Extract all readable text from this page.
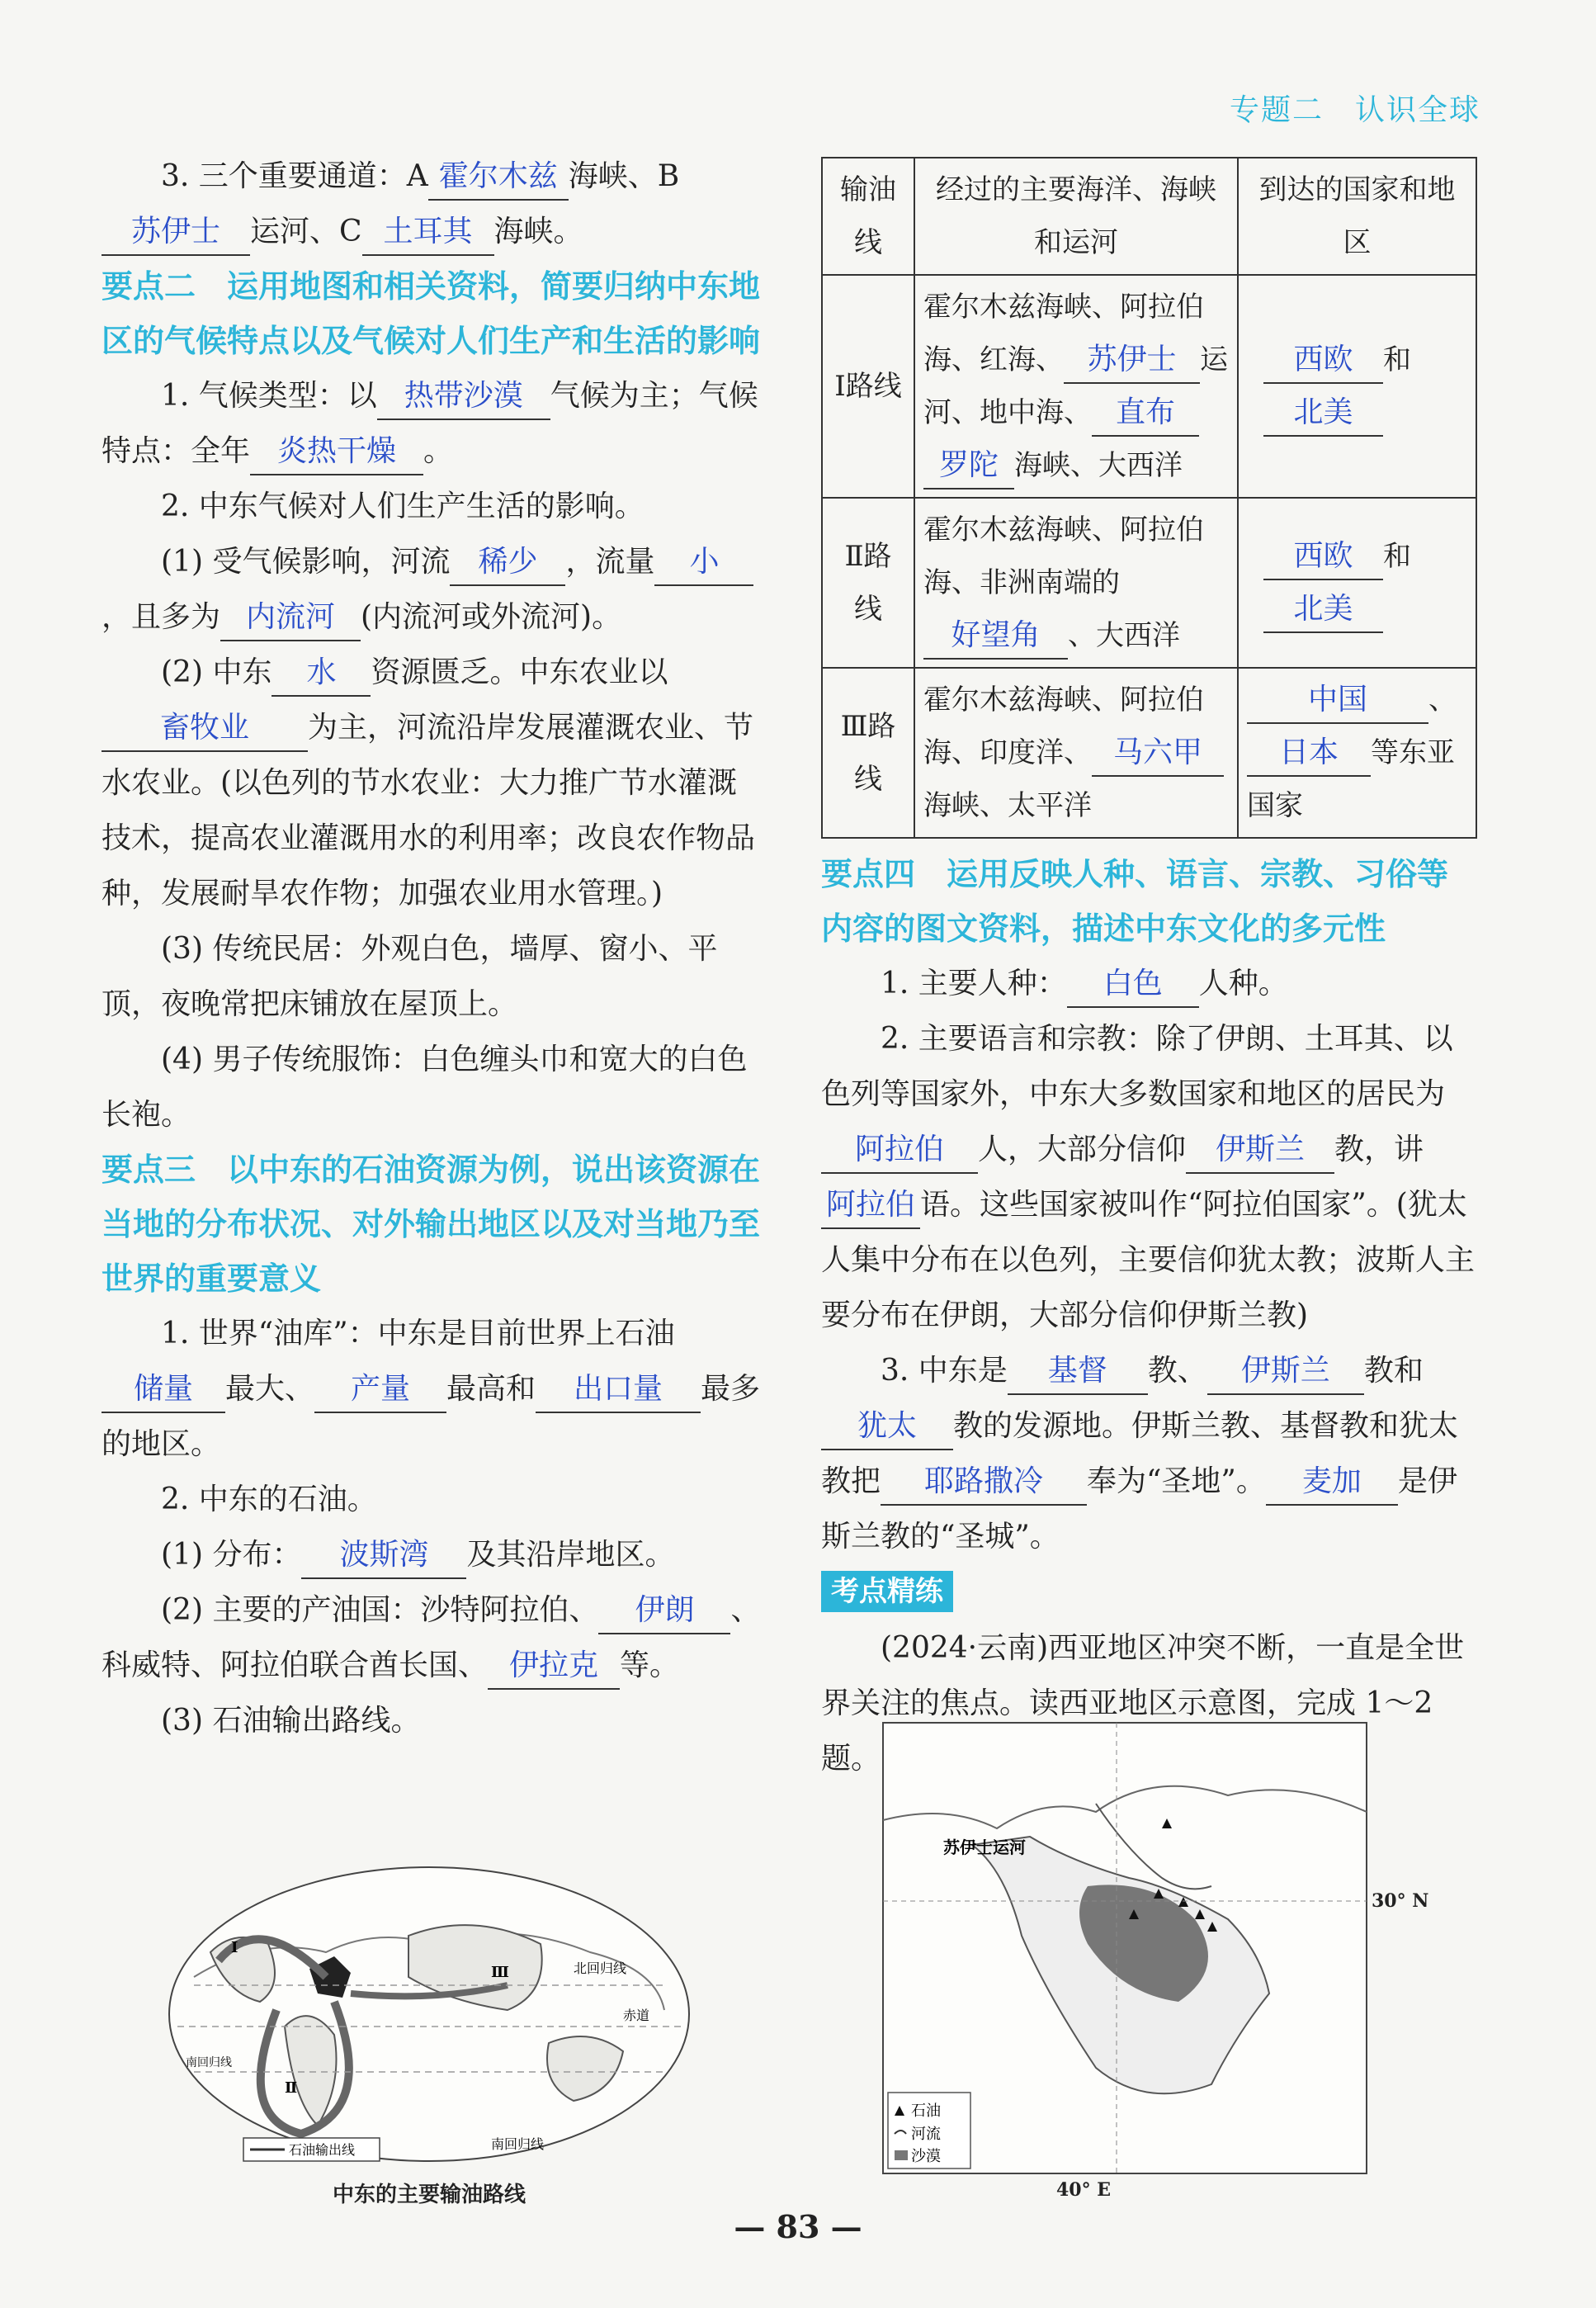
专题二　认识全球

3. 三个重要通道：A 霍尔木兹 海峡、B苏伊士 运河、C 土耳其 海峡。

要点二　运用地图和相关资料，简要归纳中东地区的气候特点以及气候对人们生产和生活的影响

1. 气候类型：以 热带沙漠 气候为主；气候特点：全年 炎热干燥 。

2. 中东气候对人们生产生活的影响。

(1) 受气候影响，河流 稀少 ，流量 小，且多为 内流河 (内流河或外流河)。

(2) 中东 水 资源匮乏。中东农业以畜牧业 为主，河流沿岸发展灌溉农业、节水农业。(以色列的节水农业：大力推广节水灌溉技术，提高农业灌溉用水的利用率；改良农作物品种，发展耐旱农作物；加强农业用水管理。)

(3) 传统民居：外观白色，墙厚、窗小、平顶，夜晚常把床铺放在屋顶上。

(4) 男子传统服饰：白色缠头巾和宽大的白色长袍。

要点三　以中东的石油资源为例，说出该资源在当地的分布状况、对外输出地区以及对当地乃至世界的重要意义

1. 世界“油库”：中东是目前世界上石油储量 最大、 产量 最高和 出口量 最多的地区。

2. 中东的石油。

(1) 分布： 波斯湾 及其沿岸地区。

(2) 主要的产油国：沙特阿拉伯、 伊朗 、科威特、阿拉伯联合酋长国、 伊拉克 等。

(3) 石油输出路线。

北回归线
赤道
南回归线
南回归线
Ⅰ
Ⅱ
Ⅲ
石油输出线
中东的主要输油路线
输油线	经过的主要海洋、海峡和运河	到达的国家和地区
Ⅰ路线	霍尔木兹海峡、阿拉伯海、红海、 苏伊士 运河、地中海、 直布罗陀 海峡、大西洋	西欧 和
北美
Ⅱ路线	霍尔木兹海峡、阿拉伯海、非洲南端的好望角 、大西洋	西欧 和
北美
Ⅲ路线	霍尔木兹海峡、阿拉伯海、印度洋、 马六甲海峡、太平洋	中国 、
日本 等东亚国家

要点四　运用反映人种、语言、宗教、习俗等内容的图文资料，描述中东文化的多元性

1. 主要人种： 白色 人种。

2. 主要语言和宗教：除了伊朗、土耳其、以色列等国家外，中东大多数国家和地区的居民为阿拉伯 人，大部分信仰 伊斯兰 教，讲阿拉伯 语。这些国家被叫作“阿拉伯国家”。(犹太人集中分布在以色列，主要信仰犹太教；波斯人主要分布在伊朗，大部分信仰伊斯兰教)

3. 中东是 基督 教、 伊斯兰 教和犹太 教的发源地。伊斯兰教、基督教和犹太教把 耶路撒冷 奉为“圣地”。 麦加 是伊斯兰教的“圣城”。

考点精练

(2024·云南)西亚地区冲突不断，一直是全世界关注的焦点。读西亚地区示意图，完成 1～2 题。

苏伊士运河
石油
河流
沙漠
30° N
40° E
— 83 —
